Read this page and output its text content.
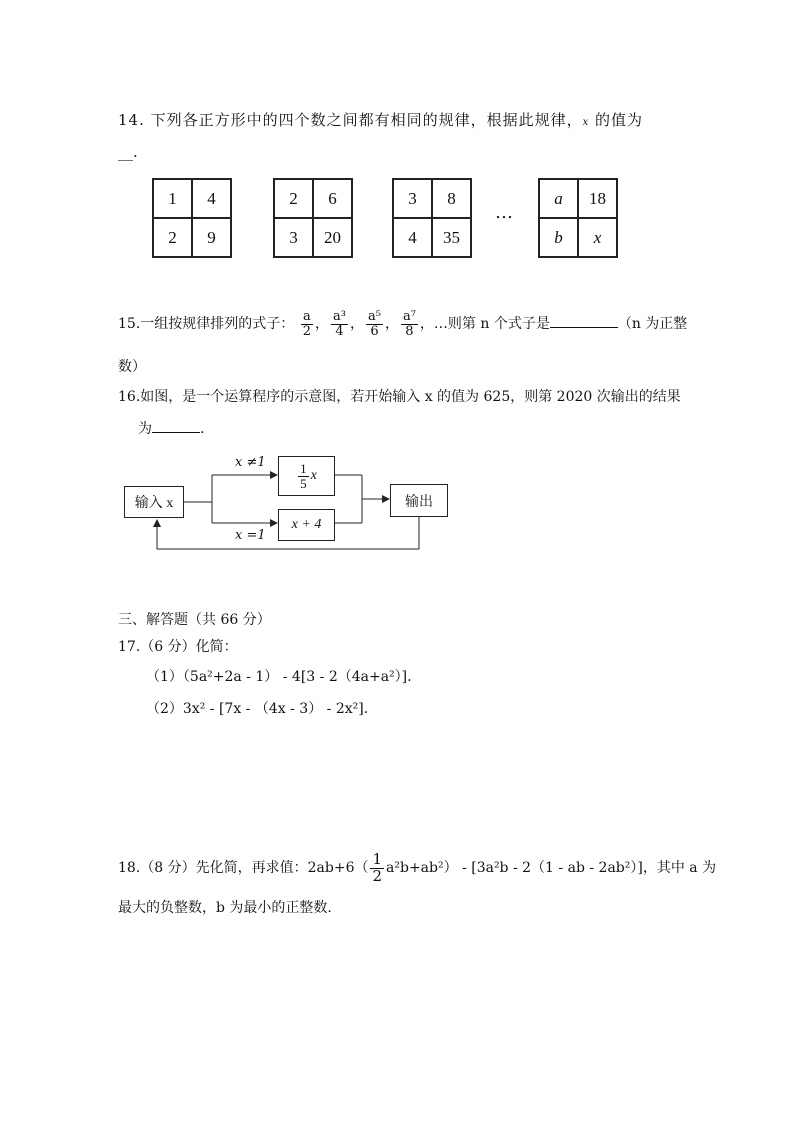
14. 下列各正方形中的四个数之间都有相同的规律，根据此规律，x 的值为
__.
1	4
2	9
2	6
3	20
3	8
4	35
…
a	18
b	x
15.一组按规律排列的式子： $\frac{a}{2}$ ， $\frac{\text{a³}}{4}$ ， $\frac{\text{a⁵}}{6}$ ， $\frac{\text{a⁷}}{8}$ ，…则第 n 个式子是	（n 为正整
数）
16.如图，是一个运算程序的示意图，若开始输入 x 的值为 625，则第 2020 次输出的结果
为	.
输入 x
x ≠1	$\frac{1}{5}$ x
x + 4
x =1
输出
三、解答题（共 66 分）
17.（6 分）化简：
（1）（5a²+2a - 1） - 4[3 - 2（4a+a²）].
（2）3x² - [7x - （4x - 3） - 2x²].
18.（8 分）先化简，再求值：$2ab+6( \frac{1}{2} a^2b+ab^2) - [3a^2b - 2(1$ - ab - 2ab²）]，其中 a 为
最大的负整数，b 为最小的正整数.
